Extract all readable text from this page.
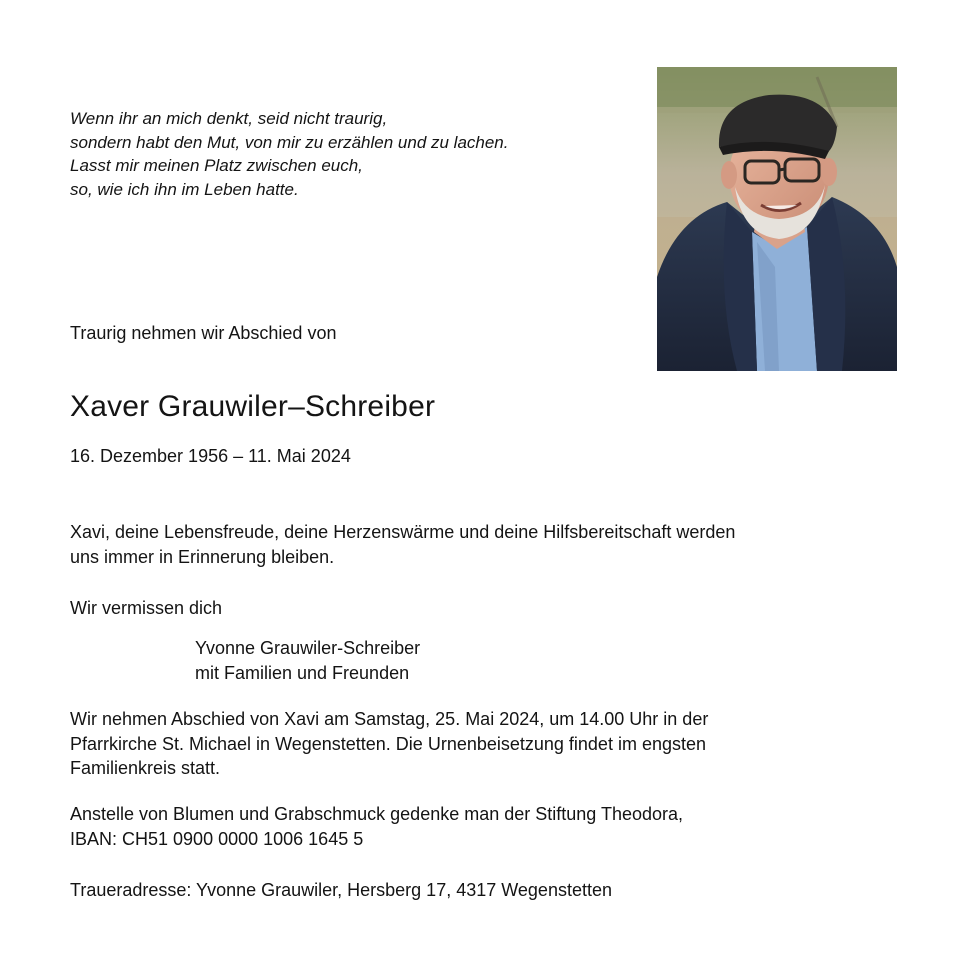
Wenn ihr an mich denkt, seid nicht traurig,
sondern habt den Mut, von mir zu erzählen und zu lachen.
Lasst mir meinen Platz zwischen euch,
so, wie ich ihn im Leben hatte.
Traurig nehmen wir Abschied von
Xaver Grauwiler–Schreiber
16. Dezember 1956 – 11. Mai 2024
Xavi, deine Lebensfreude, deine Herzenswärme und deine Hilfsbereitschaft werden
uns immer in Erinnerung bleiben.
Wir vermissen dich
Yvonne Grauwiler-Schreiber
mit Familien und Freunden
Wir nehmen Abschied von Xavi am Samstag, 25. Mai 2024, um 14.00 Uhr in der
Pfarrkirche St. Michael in Wegenstetten. Die Urnenbeisetzung findet im engsten
Familienkreis statt.
Anstelle von Blumen und Grabschmuck gedenke man der Stiftung Theodora,
IBAN: CH51 0900 0000 1006 1645 5
Traueradresse: Yvonne Grauwiler, Hersberg 17, 4317 Wegenstetten
